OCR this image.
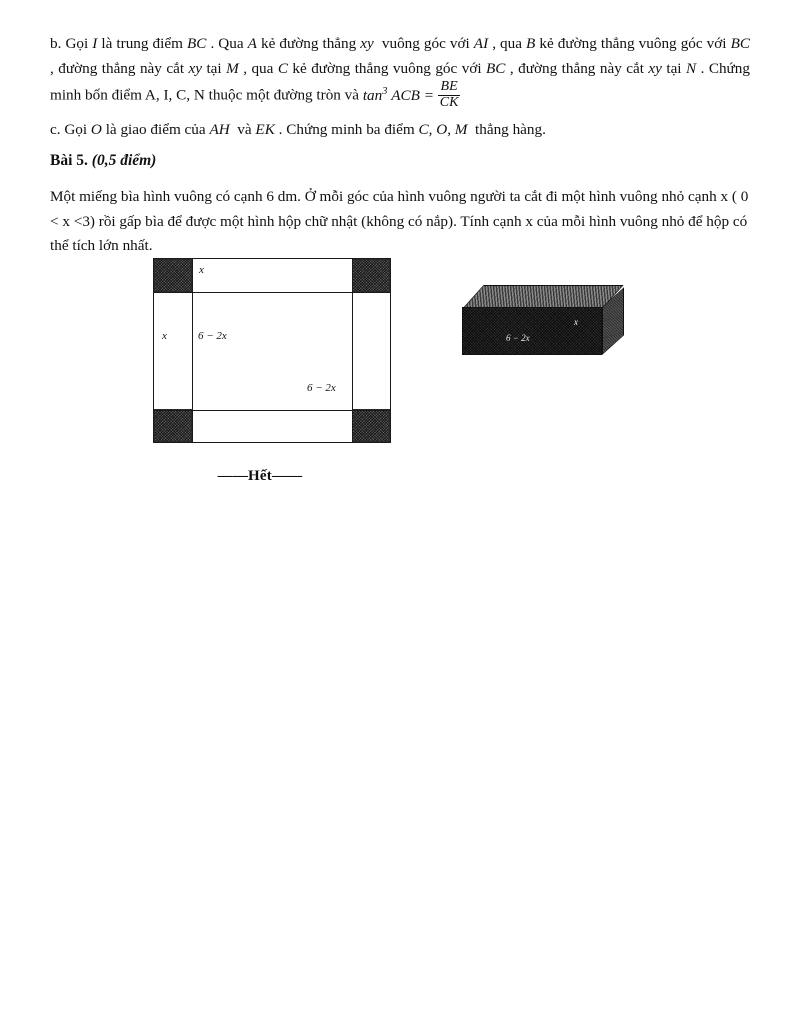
b. Gọi I là trung điểm BC . Qua A kẻ đường thẳng xy  vuông góc với AI , qua B kẻ đường thẳng vuông góc với BC , đường thẳng này cắt xy tại M , qua C kẻ đường thẳng vuông góc với BC , đường thẳng này cắt xy tại N . Chứng minh bốn điểm A, I, C, N thuộc một đường tròn và $\tan^3$ ACB = $\frac{BE}{CK}$

c. Gọi O là giao điểm của AH  và EK . Chứng minh ba điểm C, O, M  thẳng hàng.

Bài 5. (0,5 điểm)

Một miếng bìa hình vuông có cạnh 6 dm. Ở mỗi góc của hình vuông người ta cắt đi một hình vuông nhỏ cạnh x ( 0 < x <3) rồi gấp bìa để được một hình hộp chữ nhật (không có nắp). Tính cạnh x của mỗi hình vuông nhỏ để hộp có thể tích lớn nhất.

x
x	6 − 2x
6 − 2x
x
6 − 2x
——Hết——
